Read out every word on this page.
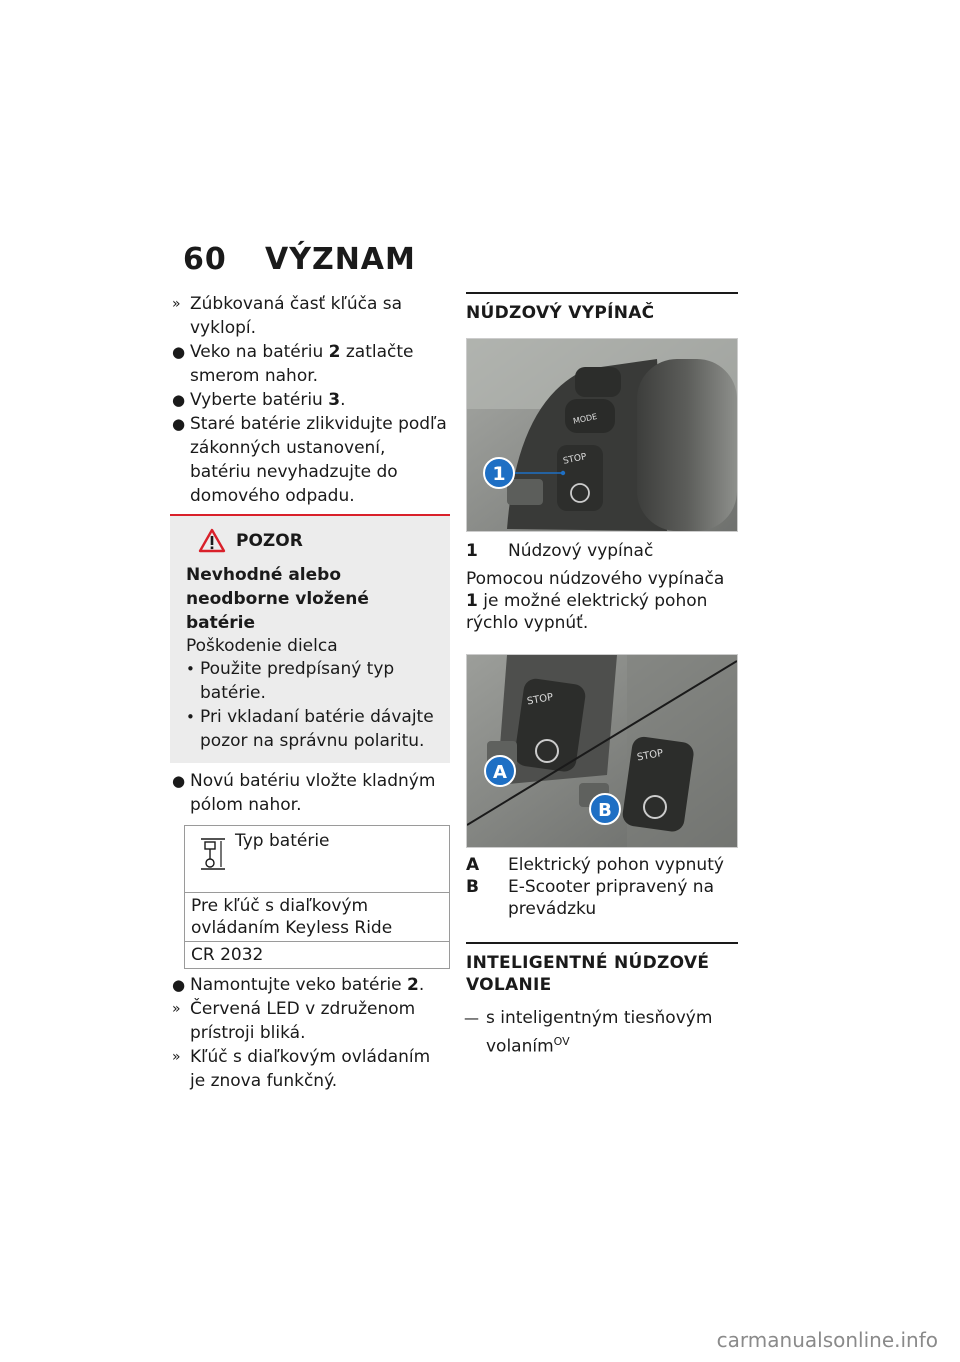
60 VÝZNAM

» Zúbkovaná časť kľúča sa vyklopí.

● Veko na batériu 2 zatlačte smerom nahor.

● Vyberte batériu 3.

● Staré batérie zlikvidujte podľa zákonných ustanovení, batériu nevyhadzujte do domového odpadu.

POZOR
Nevhodné alebo neodborne vložené batérie
Poškodenie dielca

• Použite predpísaný typ batérie.

• Pri vkladaní batérie dávajte pozor na správnu polaritu.

● Novú batériu vložte kladným pólom nahor.

Typ batérie
Pre kľúč s diaľkovým ovládaním Keyless Ride
CR 2032

● Namontujte veko batérie 2.

» Červená LED v združenom prístroji bliká.

» Kľúč s diaľkovým ovládaním je znova funkčný.

NÚDZOVÝ VYPÍNAČ
MODE
STOP
1
1	Núdzový vypínač

Pomocou núdzového vypínača 1 je možné elektrický pohon rýchlo vypnúť.

STOP
STOP
A
B
A	Elektrický pohon vypnutý
B	E-Scooter pripravený na prevádzku
INTELIGENTNÉ NÚDZOVÉ VOLANIE

— s inteligentným tiesňovým volaním$^{OV}$

carmanualsonline.info
